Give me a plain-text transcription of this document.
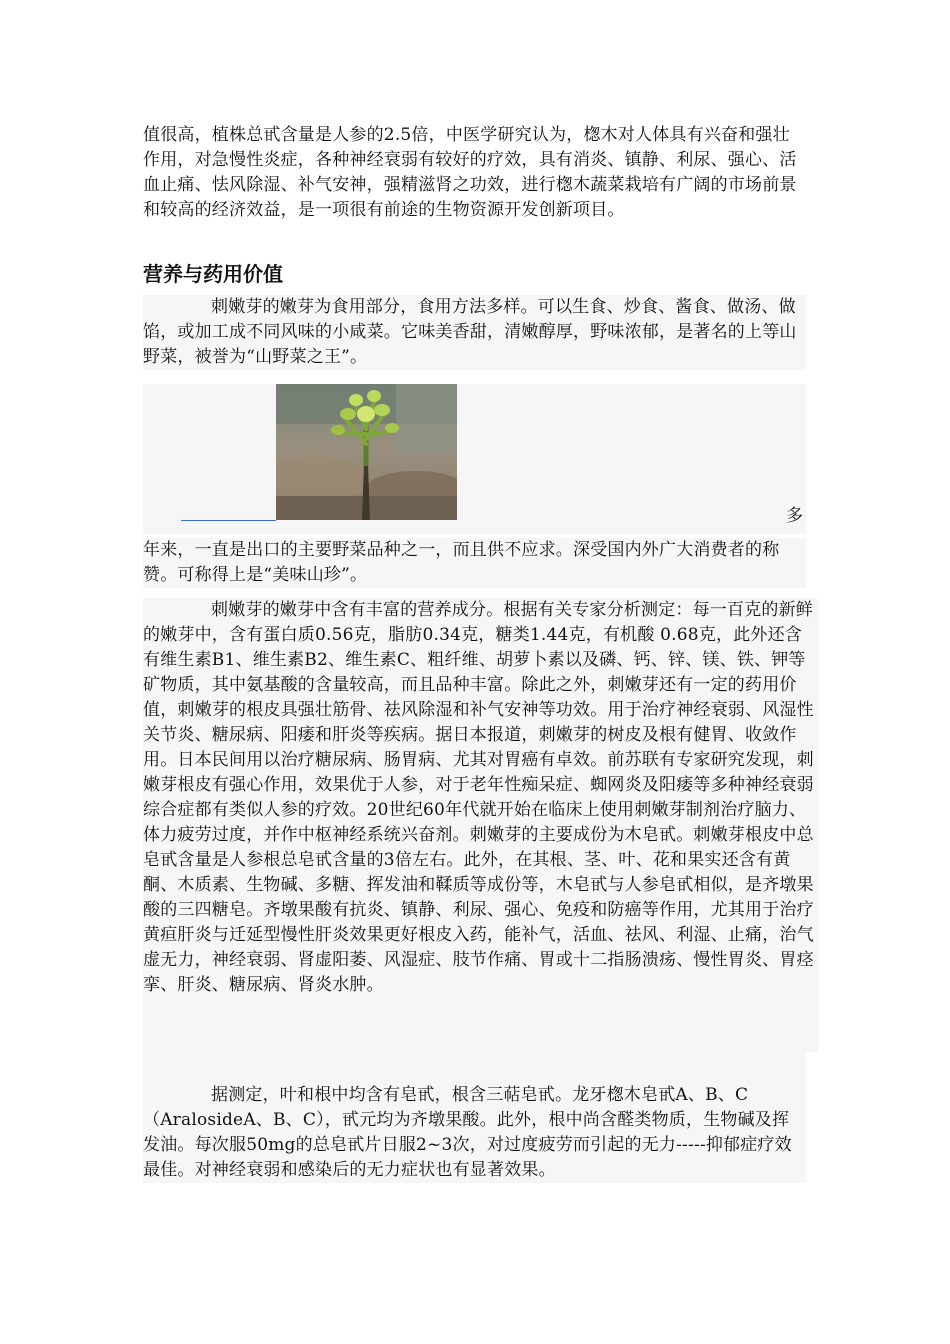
值很高，植株总甙含量是人参的2.5倍，中医学研究认为，楤木对人体具有兴奋和强壮作用，对急慢性炎症，各种神经衰弱有较好的疗效，具有消炎、镇静、利尿、强心、活血止痛、怯风除湿、补气安神，强精滋肾之功效，进行楤木蔬菜栽培有广阔的市场前景和较高的经济效益，是一项很有前途的生物资源开发创新项目。

营养与药用价值

刺嫩芽的嫩芽为食用部分，食用方法多样。可以生食、炒食、酱食、做汤、做馅，或加工成不同风味的小咸菜。它味美香甜，清嫩醇厚，野味浓郁，是著名的上等山野菜，被誉为“山野菜之王”。

多

年来，一直是出口的主要野菜品种之一，而且供不应求。深受国内外广大消费者的称赞。可称得上是“美味山珍”。

刺嫩芽的嫩芽中含有丰富的营养成分。根据有关专家分析测定：每一百克的新鲜的嫩芽中，含有蛋白质0.56克，脂肪0.34克，糖类1.44克，有机酸 0.68克，此外还含有维生素B1、维生素B2、维生素C、粗纤维、胡萝卜素以及磷、钙、锌、镁、铁、钾等矿物质，其中氨基酸的含量较高，而且品种丰富。除此之外，刺嫩芽还有一定的药用价值，刺嫩芽的根皮具强壮筋骨、祛风除湿和补气安神等功效。用于治疗神经衰弱、风湿性关节炎、糖尿病、阳痿和肝炎等疾病。据日本报道，刺嫩芽的树皮及根有健胃、收敛作用。日本民间用以治疗糖尿病、肠胃病、尤其对胃癌有卓效。前苏联有专家研究发现，刺嫩芽根皮有强心作用，效果优于人参，对于老年性痴呆症、蜘网炎及阳痿等多种神经衰弱综合症都有类似人参的疗效。20世纪60年代就开始在临床上使用刺嫩芽制剂治疗脑力、体力疲劳过度，并作中枢神经系统兴奋剂。刺嫩芽的主要成份为木皂甙。刺嫩芽根皮中总皂甙含量是人参根总皂甙含量的3倍左右。此外，在其根、茎、叶、花和果实还含有黄酮、木质素、生物碱、多糖、挥发油和鞣质等成份等，木皂甙与人参皂甙相似，是齐墩果酸的三四糖皂。齐墩果酸有抗炎、镇静、利尿、强心、免疫和防癌等作用，尤其用于治疗黄疸肝炎与迁延型慢性肝炎效果更好根皮入药，能补气，活血、祛风、利湿、止痛，治气虚无力，神经衰弱、肾虚阳萎、风湿症、肢节作痛、胃或十二指肠溃疡、慢性胃炎、胃痉挛、肝炎、糖尿病、肾炎水肿。

据测定，叶和根中均含有皂甙，根含三萜皂甙。龙牙楤木皂甙A、B、C（AralosideA、B、C），甙元均为齐墩果酸。此外，根中尚含醛类物质，生物碱及挥发油。每次服50mg的总皂甙片日服2~3次，对过度疲劳而引起的无力-----抑郁症疗效最佳。对神经衰弱和感染后的无力症状也有显著效果。
